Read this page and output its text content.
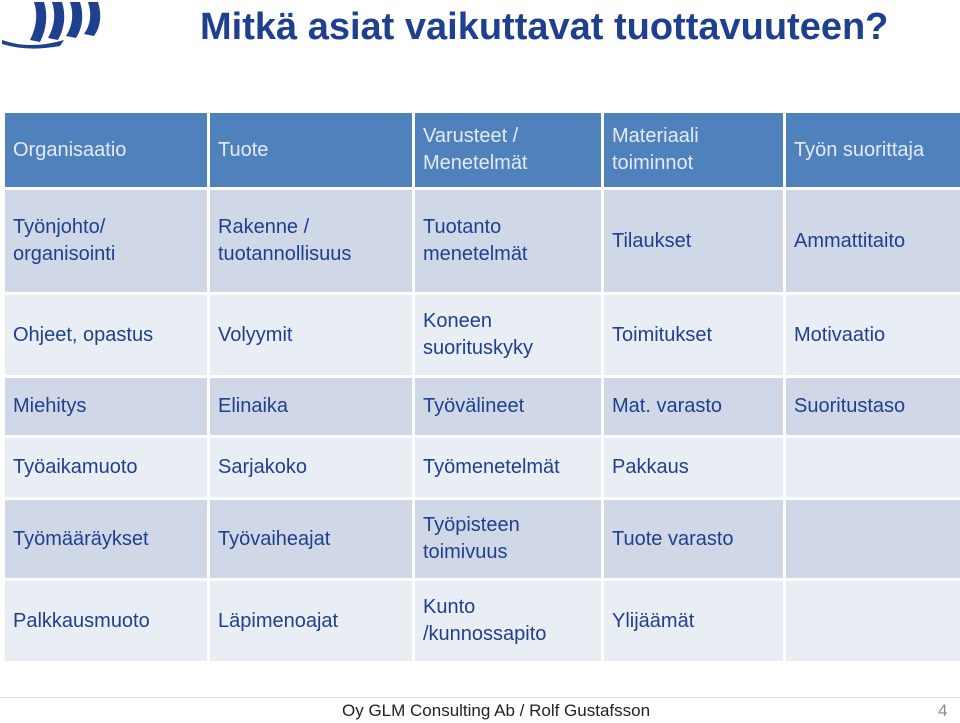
Mitkä asiat vaikuttavat tuottavuuteen?
Organisaatio	Tuote	Varusteet / Menetelmät	Materiaali toiminnot	Työn suorittaja
Työnjohto/ organisointi	Rakenne / tuotannollisuus	Tuotanto menetelmät	Tilaukset	Ammattitaito
Ohjeet, opastus	Volyymit	Koneen suorituskyky	Toimitukset	Motivaatio
Miehitys	Elinaika	Työvälineet	Mat. varasto	Suoritustaso
Työaikamuoto	Sarjakoko	Työmenetelmät	Pakkaus	
Työmääräykset	Työvaiheajat	Työpisteen toimivuus	Tuote varasto	
Palkkausmuoto	Läpimenoajat	Kunto /kunnossapito	Ylijäämät	
Oy GLM Consulting Ab / Rolf Gustafsson	4
